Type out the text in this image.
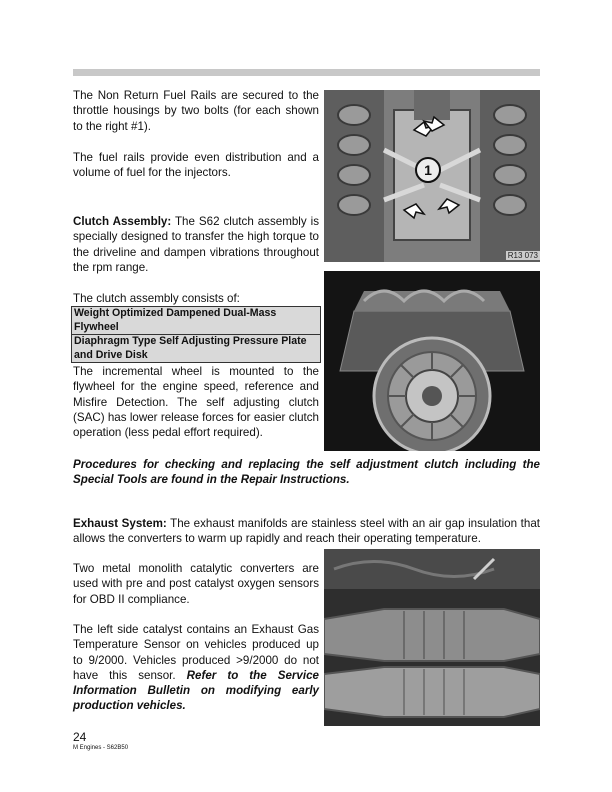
The Non Return Fuel Rails are secured to the throttle housings by two bolts (for each shown to the right #1).

The fuel rails provide even distribution and a volume of fuel for the injectors.	1
R13 073

Clutch Assembly: The S62 clutch assembly is specially designed to transfer the high torque to the driveline and dampen vibrations throughout the rpm range.

The clutch assembly consists of:

Weight Optimized Dampened Dual-Mass Flywheel
Diaphragm Type Self Adjusting Pressure Plate and Drive Disk

The incremental wheel is mounted to the flywheel for the engine speed, reference and Misfire Detection. The self adjusting clutch (SAC) has lower release forces for easier clutch operation (less pedal effort required).

Procedures for checking and replacing the self adjustment clutch including the Special Tools are found in the Repair Instructions.

Exhaust System: The exhaust manifolds are stainless steel with an air gap insulation that allows the converters to warm up rapidly and reach their operating temperature.

Two metal monolith catalytic converters are used with pre and post catalyst oxygen sensors for OBD II compliance.

The left side catalyst contains an Exhaust Gas Temperature Sensor on vehicles produced up to 9/2000. Vehicles produced >9/2000 do not have this sensor. Refer to the Service Information Bulletin on modifying early production vehicles.

24
M Engines - S62B50
